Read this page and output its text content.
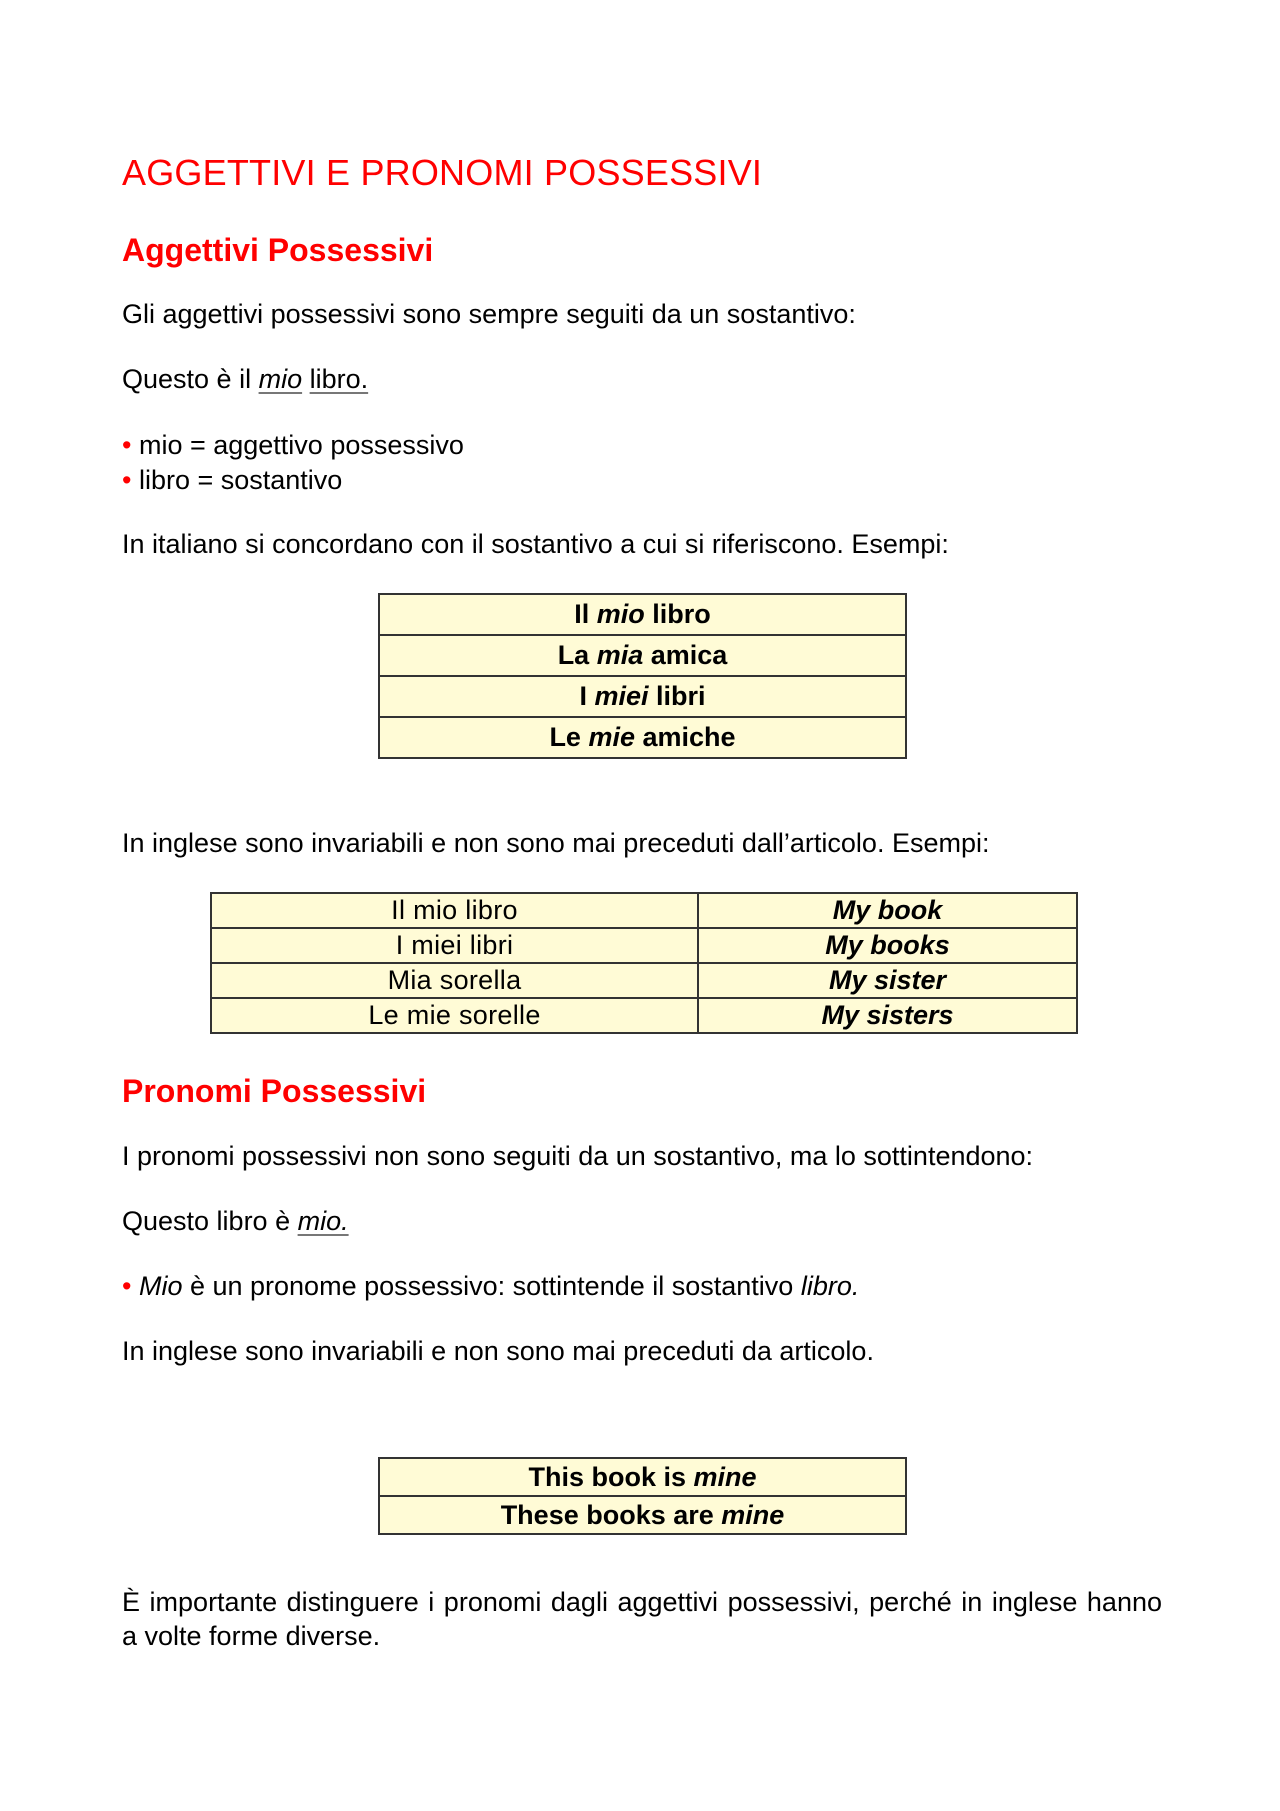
AGGETTIVI E PRONOMI POSSESSIVI
Aggettivi Possessivi

Gli aggettivi possessivi sono sempre seguiti da un sostantivo:

Questo è il mio libro.

• mio = aggettivo possessivo

• libro = sostantivo

In italiano si concordano con il sostantivo a cui si riferiscono. Esempi:

In inglese sono invariabili e non sono mai preceduti dall’articolo. Esempi:

Pronomi Possessivi

I pronomi possessivi non sono seguiti da un sostantivo, ma lo sottintendono:

Questo libro è mio.

• Mio è un pronome possessivo: sottintende il sostantivo libro.

In inglese sono invariabili e non sono mai preceduti da articolo.

È importante distinguere i pronomi dagli aggettivi possessivi, perché in inglese hanno a volte forme diverse.

Il mio libro
La mia amica
I miei libri
Le mie amiche
Il mio libro	My book
I miei libri	My books
Mia sorella	My sister
Le mie sorelle	My sisters
This book is mine
These books are mine
